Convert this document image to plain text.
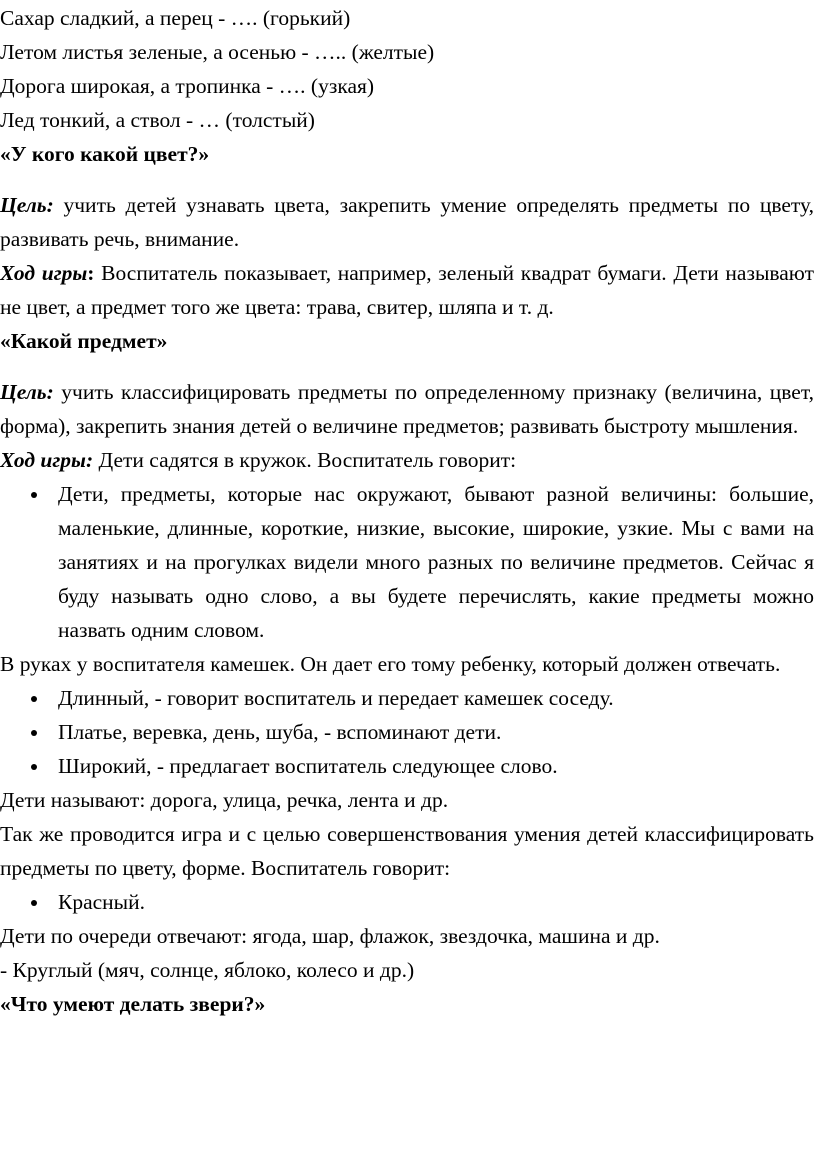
Сахар сладкий, а перец - …. (горький)

Летом листья зеленые, а осенью - ….. (желтые)

Дорога широкая, а тропинка - …. (узкая)

Лед тонкий, а ствол - … (толстый)

«У кого какой цвет?»

Цель: учить детей узнавать цвета, закрепить умение определять предметы по цвету, развивать речь, внимание.

Ход игры: Воспитатель показывает, например, зеленый квадрат бумаги. Дети называют не цвет, а предмет того же цвета: трава, свитер, шляпа и т. д.

«Какой предмет»

Цель: учить классифицировать предметы по определенному признаку (величина, цвет, форма), закрепить знания детей о величине предметов; развивать быстроту мышления.

Ход игры: Дети садятся в кружок. Воспитатель говорит:

Дети, предметы, которые нас окружают, бывают разной величины: большие, маленькие, длинные, короткие, низкие, высокие, широкие, узкие. Мы с вами на занятиях и на прогулках видели много разных по величине предметов. Сейчас я буду называть одно слово, а вы будете перечислять, какие предметы можно назвать одним словом.

В руках у воспитателя камешек. Он дает его тому ребенку, который должен отвечать.

Длинный, - говорит воспитатель и передает камешек соседу.
Платье, веревка, день, шуба, - вспоминают дети.
Широкий, - предлагает воспитатель следующее слово.

Дети называют: дорога, улица, речка, лента и др.

Так же проводится игра и с целью совершенствования умения детей классифицировать предметы по цвету, форме. Воспитатель говорит:

Красный.

Дети по очереди отвечают: ягода, шар, флажок, звездочка, машина и др.

- Круглый (мяч, солнце, яблоко, колесо и др.)

«Что умеют делать звери?»
